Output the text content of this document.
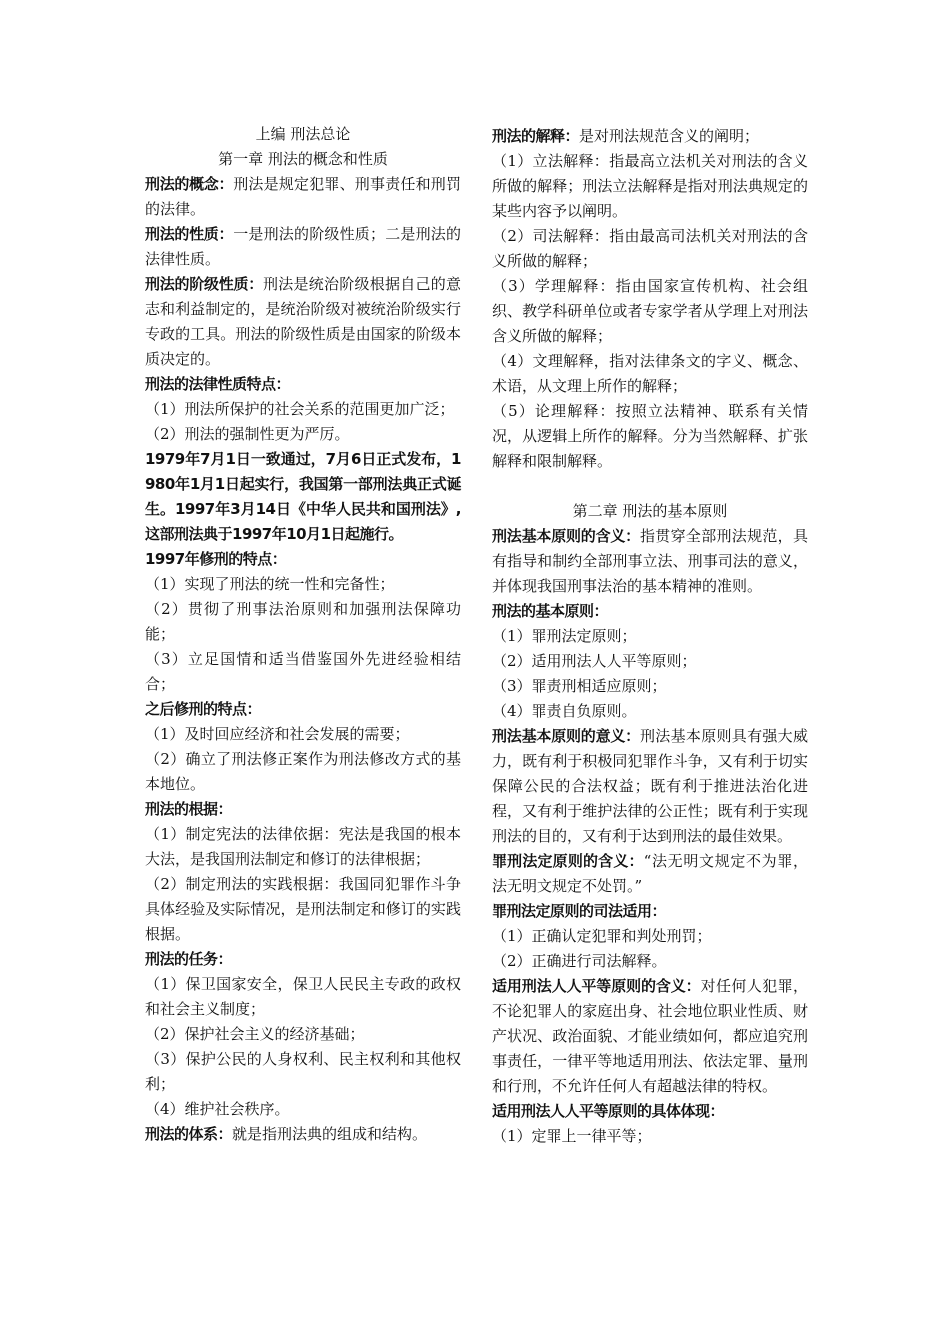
上编 刑法总论
第一章 刑法的概念和性质

刑法的概念：刑法是规定犯罪、刑事责任和刑罚的法律。

刑法的性质：一是刑法的阶级性质；二是刑法的法律性质。

刑法的阶级性质：刑法是统治阶级根据自己的意志和利益制定的，是统治阶级对被统治阶级实行专政的工具。刑法的阶级性质是由国家的阶级本质决定的。

刑法的法律性质特点：

（1）刑法所保护的社会关系的范围更加广泛；

（2）刑法的强制性更为严厉。

1979年7月1日一致通过，7月6日正式发布，1980年1月1日起实行，我国第一部刑法典正式诞生。1997年3月14日《中华人民共和国刑法》,这部刑法典于1997年10月1日起施行。

1997年修刑的特点：

（1）实现了刑法的统一性和完备性；

（2）贯彻了刑事法治原则和加强刑法保障功能；

（3）立足国情和适当借鉴国外先进经验相结合；

之后修刑的特点：

（1）及时回应经济和社会发展的需要；

（2）确立了刑法修正案作为刑法修改方式的基本地位。

刑法的根据：

（1）制定宪法的法律依据：宪法是我国的根本大法，是我国刑法制定和修订的法律根据；

（2）制定刑法的实践根据：我国同犯罪作斗争具体经验及实际情况，是刑法制定和修订的实践根据。

刑法的任务：

（1）保卫国家安全，保卫人民民主专政的政权和社会主义制度；

（2）保护社会主义的经济基础；

（3）保护公民的人身权利、民主权利和其他权利；

（4）维护社会秩序。

刑法的体系：就是指刑法典的组成和结构。

刑法的解释：是对刑法规范含义的阐明；

（1）立法解释：指最高立法机关对刑法的含义所做的解释；刑法立法解释是指对刑法典规定的某些内容予以阐明。

（2）司法解释：指由最高司法机关对刑法的含义所做的解释；

（3）学理解释：指由国家宣传机构、社会组织、教学科研单位或者专家学者从学理上对刑法含义所做的解释；

（4）文理解释，指对法律条文的字义、概念、术语，从文理上所作的解释；

（5）论理解释：按照立法精神、联系有关情况，从逻辑上所作的解释。分为当然解释、扩张解释和限制解释。

第二章 刑法的基本原则

刑法基本原则的含义：指贯穿全部刑法规范，具有指导和制约全部刑事立法、刑事司法的意义，并体现我国刑事法治的基本精神的准则。

刑法的基本原则：

（1）罪刑法定原则；

（2）适用刑法人人平等原则；

（3）罪责刑相适应原则；

（4）罪责自负原则。

刑法基本原则的意义：刑法基本原则具有强大威力，既有利于积极同犯罪作斗争，又有利于切实保障公民的合法权益；既有利于推进法治化进程，又有利于维护法律的公正性；既有利于实现刑法的目的，又有利于达到刑法的最佳效果。

罪刑法定原则的含义：“法无明文规定不为罪，法无明文规定不处罚。”

罪刑法定原则的司法适用：

（1）正确认定犯罪和判处刑罚；

（2）正确进行司法解释。

适用刑法人人平等原则的含义：对任何人犯罪，不论犯罪人的家庭出身、社会地位职业性质、财产状况、政治面貌、才能业绩如何，都应追究刑事责任，一律平等地适用刑法、依法定罪、量刑和行刑，不允许任何人有超越法律的特权。

适用刑法人人平等原则的具体体现：

（1）定罪上一律平等；
